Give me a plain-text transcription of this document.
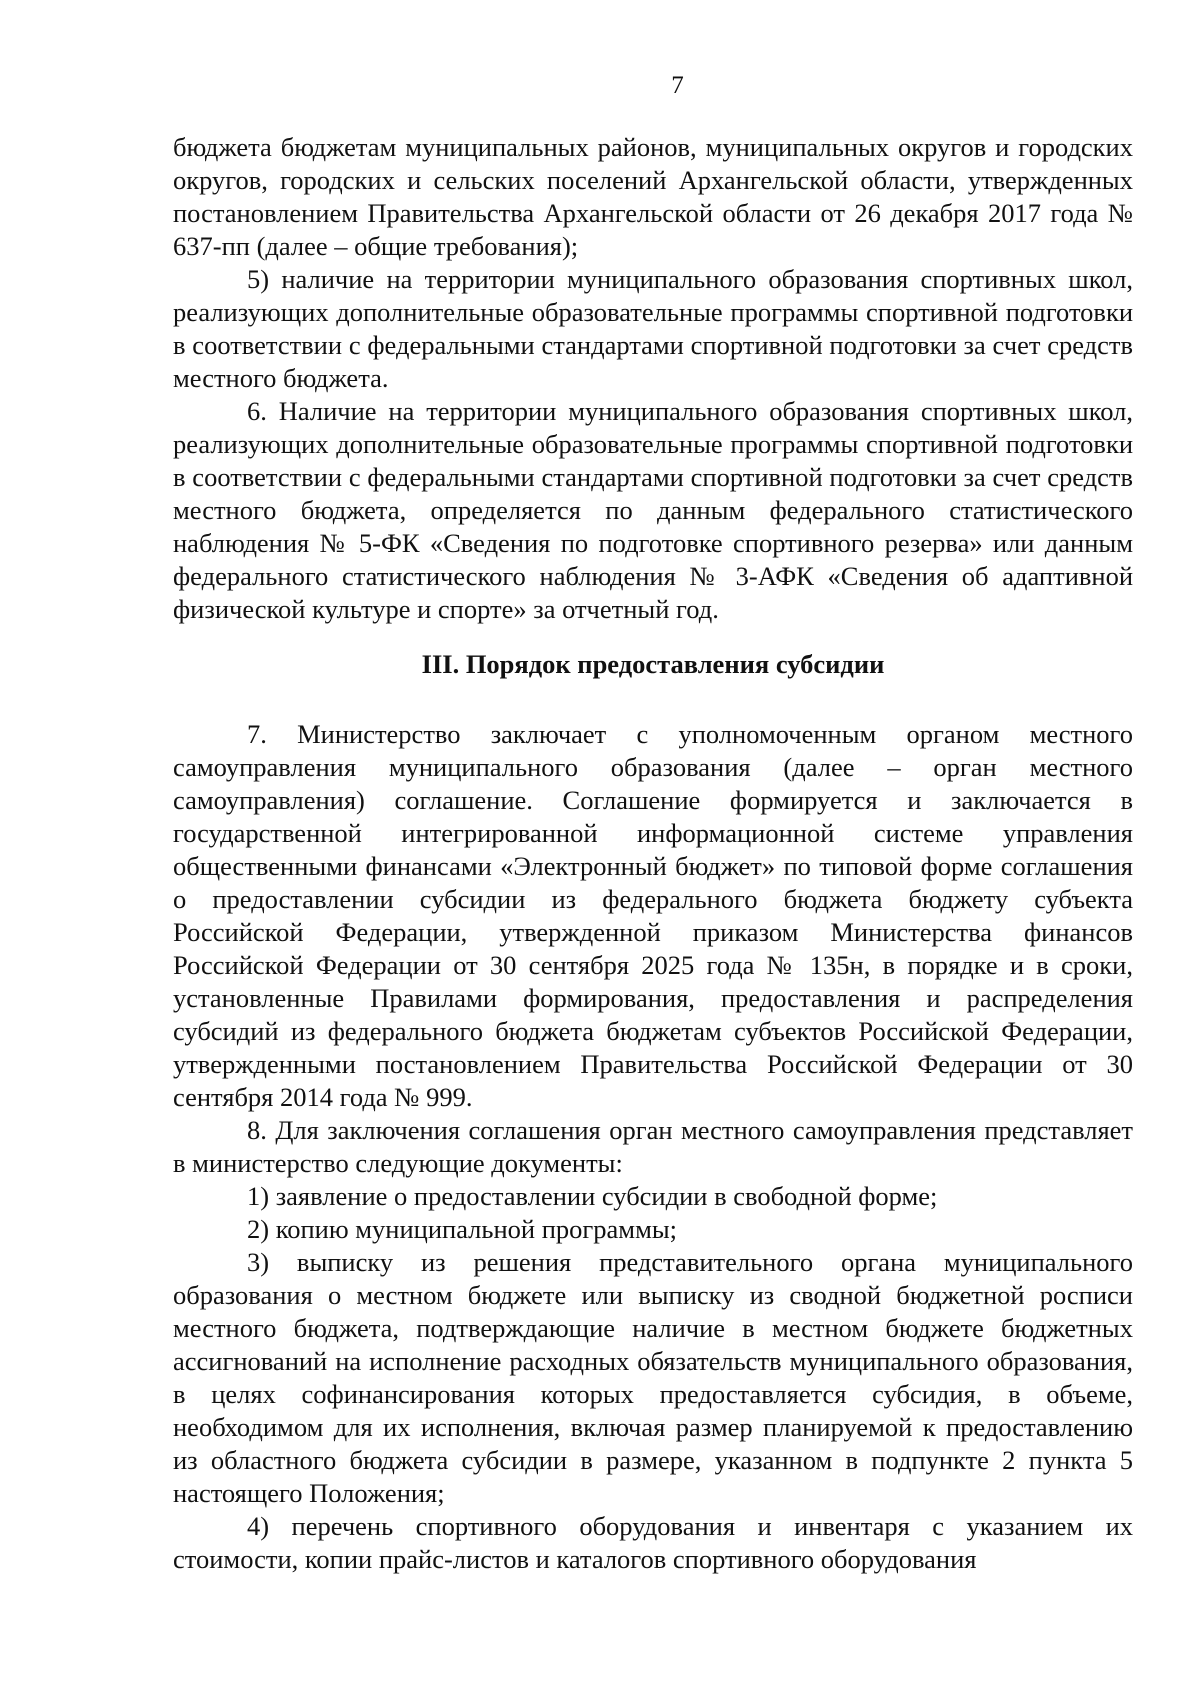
7

бюджета бюджетам муниципальных районов, муниципальных округов и городских округов, городских и сельских поселений Архангельской области, утвержденных постановлением Правительства Архангельской области от 26 декабря 2017 года № 637-пп (далее – общие требования);

5) наличие на территории муниципального образования спортивных школ, реализующих дополнительные образовательные программы спортивной подготовки в соответствии с федеральными стандартами спортивной подготовки за счет средств местного бюджета.

6. Наличие на территории муниципального образования спортивных школ, реализующих дополнительные образовательные программы спортивной подготовки в соответствии с федеральными стандартами спортивной подготовки за счет средств местного бюджета, определяется по данным федерального статистического наблюдения № 5-ФК «Сведения по подготовке спортивного резерва» или данным федерального статистического наблюдения № 3-АФК «Сведения об адаптивной физической культуре и спорте» за отчетный год.

III. Порядок предоставления субсидии

7. Министерство заключает с уполномоченным органом местного самоуправления муниципального образования (далее – орган местного самоуправления) соглашение. Соглашение формируется и заключается в государственной интегрированной информационной системе управления общественными финансами «Электронный бюджет» по типовой форме соглашения о предоставлении субсидии из федерального бюджета бюджету субъекта Российской Федерации, утвержденной приказом Министерства финансов Российской Федерации от 30 сентября 2025 года № 135н, в порядке и в сроки, установленные Правилами формирования, предоставления и распределения субсидий из федерального бюджета бюджетам субъектов Российской Федерации, утвержденными постановлением Правительства Российской Федерации от 30 сентября 2014 года № 999.

8. Для заключения соглашения орган местного самоуправления представляет в министерство следующие документы:

1) заявление о предоставлении субсидии в свободной форме;

2) копию муниципальной программы;

3) выписку из решения представительного органа муниципального образования о местном бюджете или выписку из сводной бюджетной росписи местного бюджета, подтверждающие наличие в местном бюджете бюджетных ассигнований на исполнение расходных обязательств муниципального образования, в целях софинансирования которых предоставляется субсидия, в объеме, необходимом для их исполнения, включая размер планируемой к предоставлению из областного бюджета субсидии в размере, указанном в подпункте 2 пункта 5 настоящего Положения;

4) перечень спортивного оборудования и инвентаря с указанием их стоимости, копии прайс-листов и каталогов спортивного оборудования
